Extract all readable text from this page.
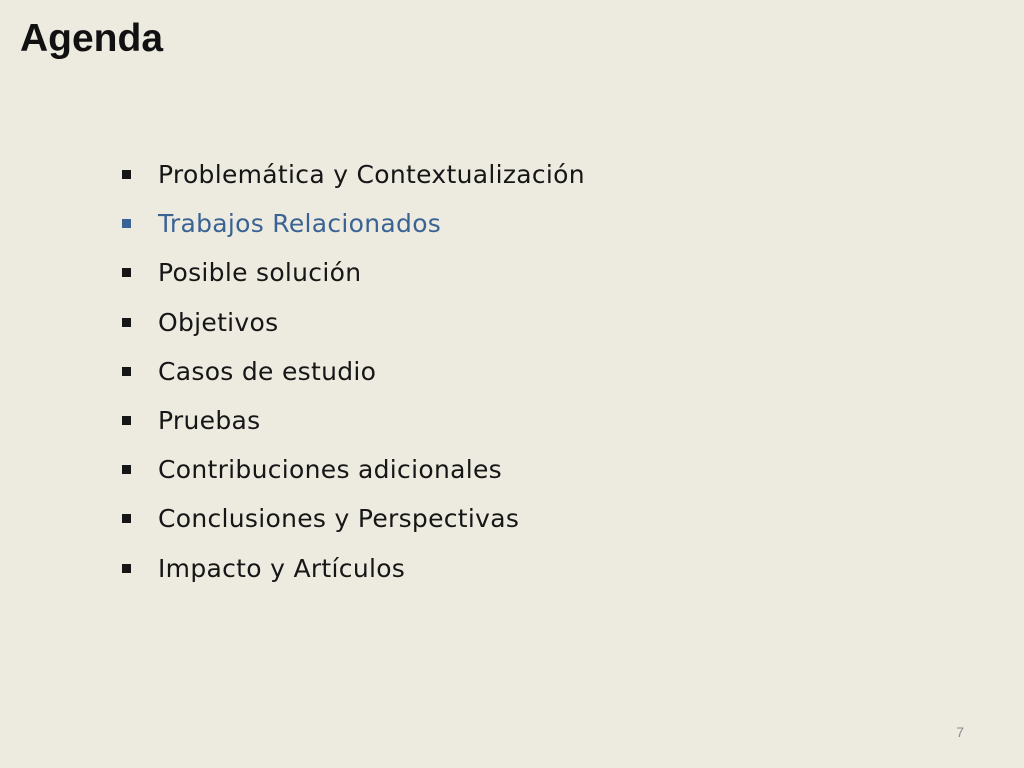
Agenda
Problemática y Contextualización
Trabajos Relacionados
Posible solución
Objetivos
Casos de estudio
Pruebas
Contribuciones adicionales
Conclusiones y Perspectivas
Impacto y Artículos
7
